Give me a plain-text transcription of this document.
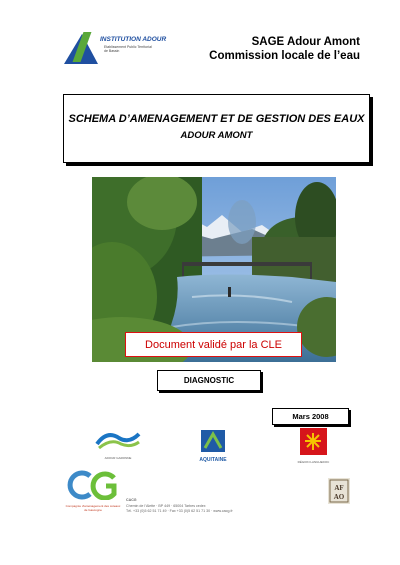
INSTITUTION ADOUR
Etablissement Public Territorial de Bassin
SAGE Adour Amont
Commission locale de l’eau
SCHEMA D’AMENAGEMENT ET DE GESTION DES EAUX
ADOUR AMONT
Document validé par la CLE
DIAGNOSTIC
Mars 2008
ADOUR GARONNE	AQUITAINE	RÉGION LANGUEDOC
Compagnie d’aménagement des coteaux de Gascogne
CACG
Chemin de l’Alette · BP 449 · 65004 Tarbes cedex
Tél. +33 (0)5 62 51 71 49 · Fax +33 (0)5 62 51 71 30 · www.cacg.fr
AF
AO
